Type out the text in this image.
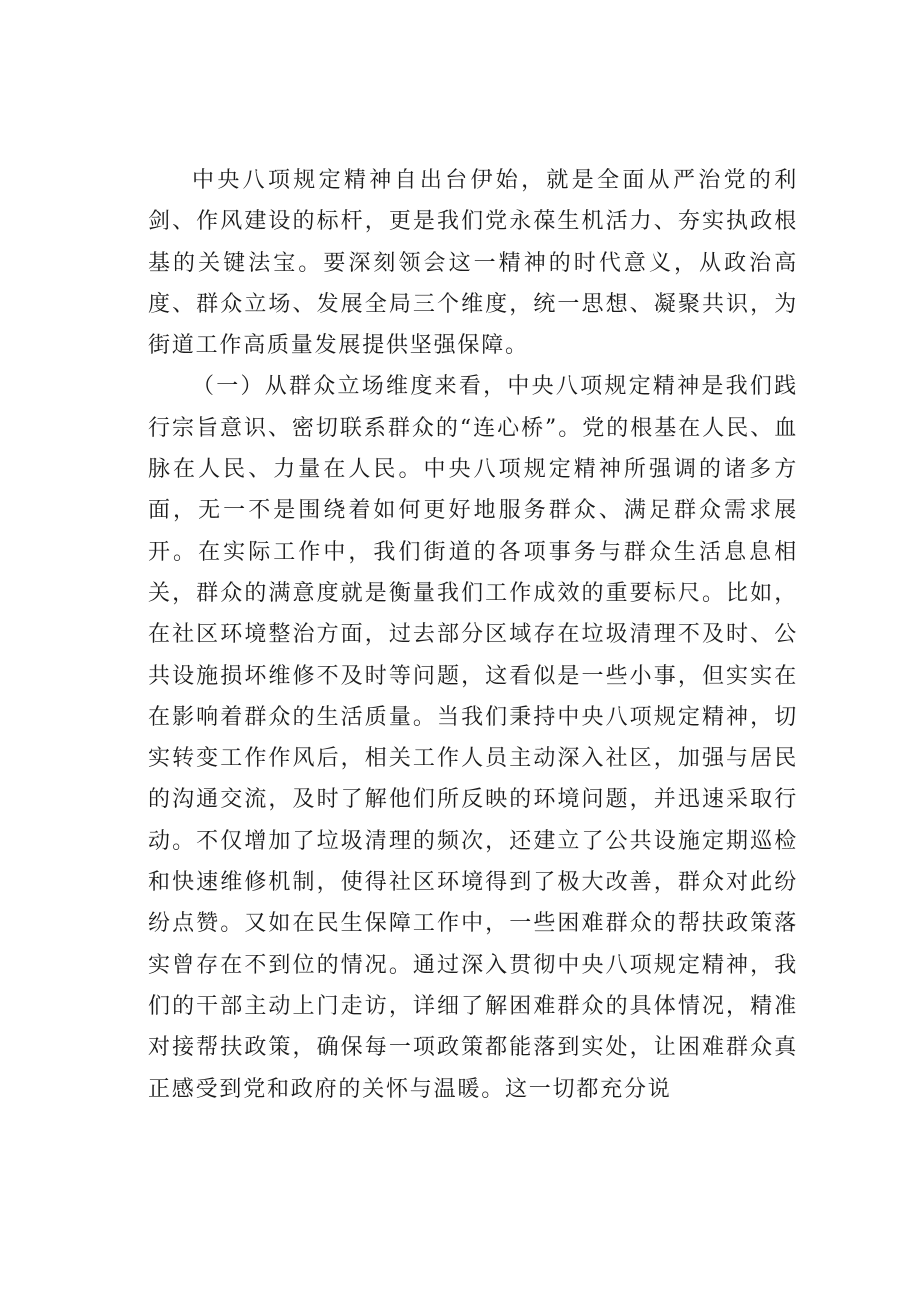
中央八项规定精神自出台伊始，就是全面从严治党的利剑、作风建设的标杆，更是我们党永葆生机活力、夯实执政根基的关键法宝。要深刻领会这一精神的时代意义，从政治高度、群众立场、发展全局三个维度，统一思想、凝聚共识，为街道工作高质量发展提供坚强保障。

（一）从群众立场维度来看，中央八项规定精神是我们践行宗旨意识、密切联系群众的“连心桥”。党的根基在人民、血脉在人民、力量在人民。中央八项规定精神所强调的诸多方面，无一不是围绕着如何更好地服务群众、满足群众需求展开。在实际工作中，我们街道的各项事务与群众生活息息相关，群众的满意度就是衡量我们工作成效的重要标尺。比如，在社区环境整治方面，过去部分区域存在垃圾清理不及时、公共设施损坏维修不及时等问题，这看似是一些小事，但实实在在影响着群众的生活质量。当我们秉持中央八项规定精神，切实转变工作作风后，相关工作人员主动深入社区，加强与居民的沟通交流，及时了解他们所反映的环境问题，并迅速采取行动。不仅增加了垃圾清理的频次，还建立了公共设施定期巡检和快速维修机制，使得社区环境得到了极大改善，群众对此纷纷点赞。又如在民生保障工作中，一些困难群众的帮扶政策落实曾存在不到位的情况。通过深入贯彻中央八项规定精神，我们的干部主动上门走访，详细了解困难群众的具体情况，精准对接帮扶政策，确保每一项政策都能落到实处，让困难群众真正感受到党和政府的关怀与温暖。这一切都充分说
